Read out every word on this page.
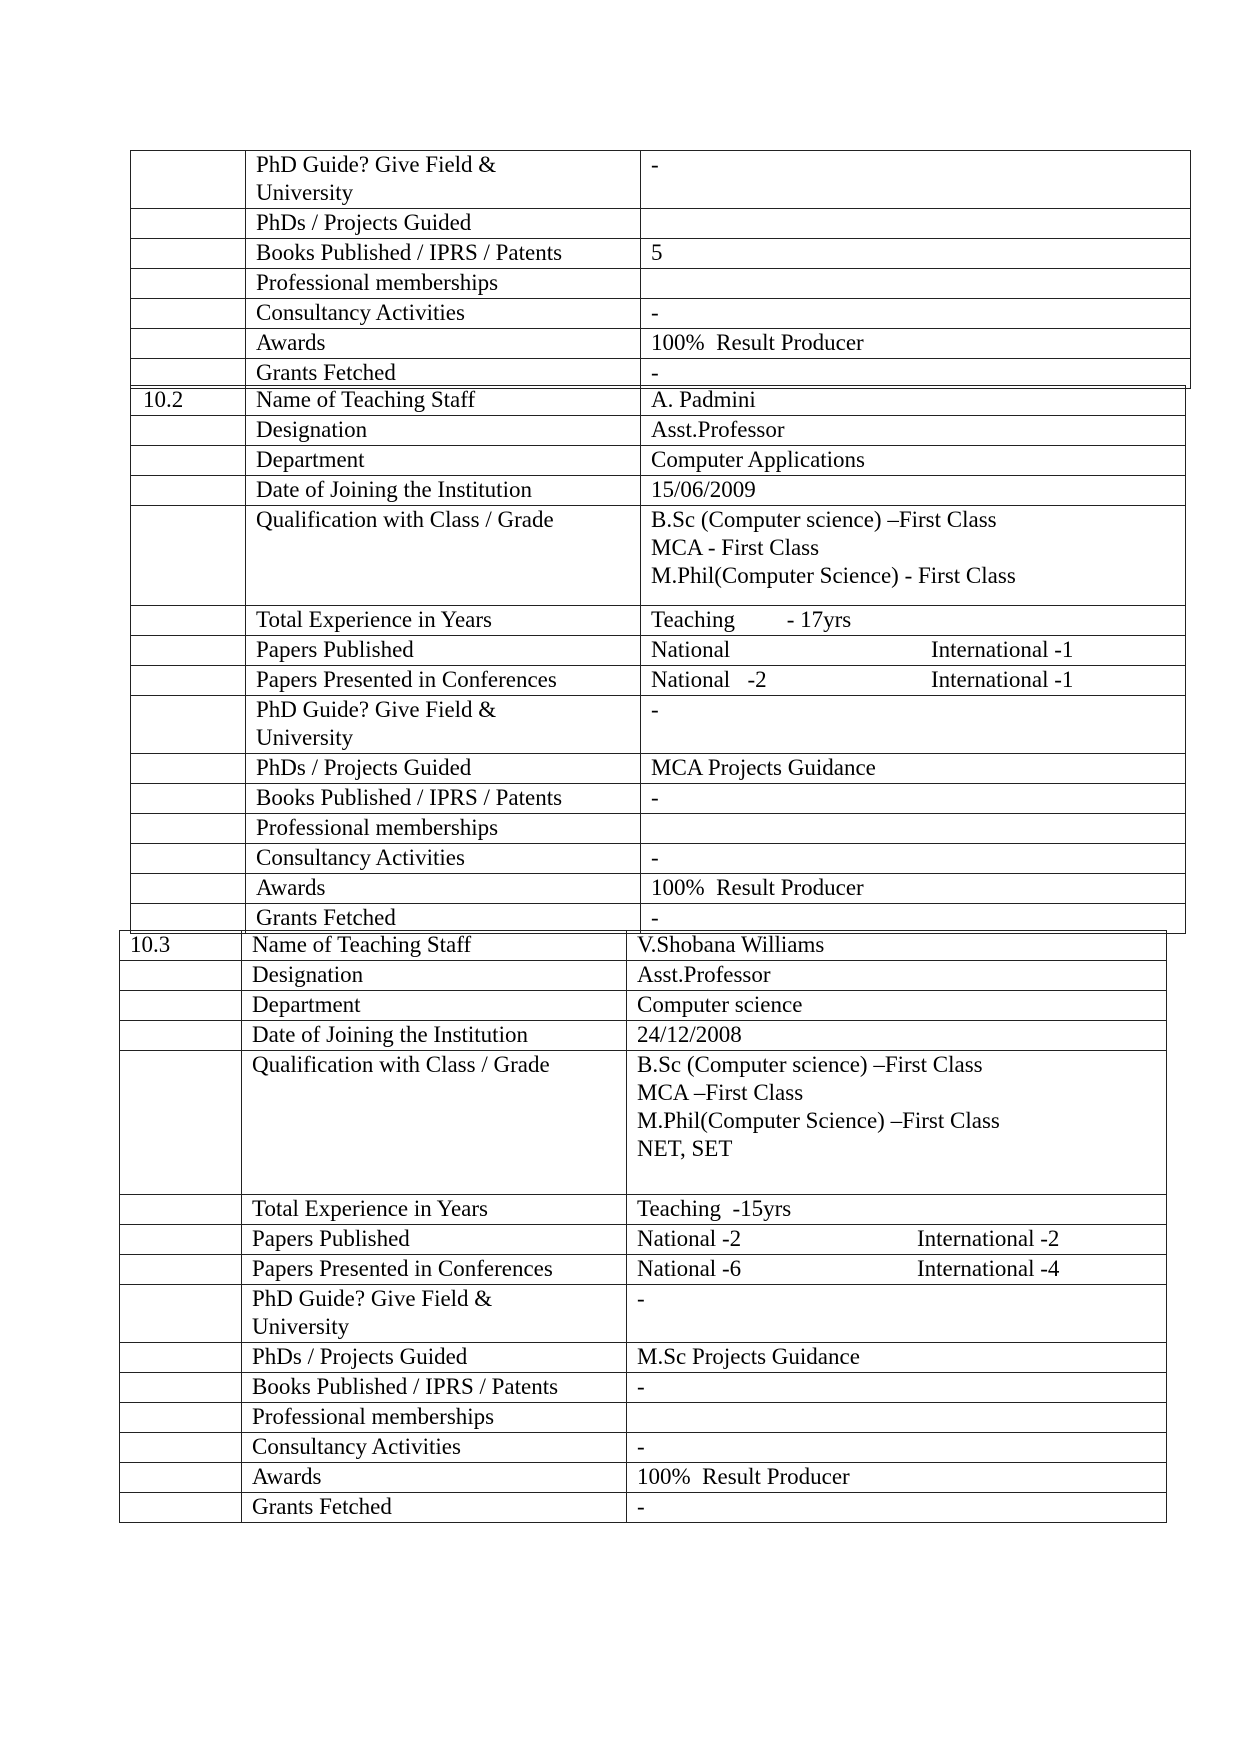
	PhD Guide? Give Field &
University	-

	PhDs / Projects Guided	

	Books Published / IPRS / Patents	5

	Professional memberships	

	Consultancy Activities	-

	Awards	100%  Result Producer

	Grants Fetched	-
10.2	Name of Teaching Staff	A. Padmini

	Designation	Asst.Professor

	Department	Computer Applications

	Date of Joining the Institution	15/06/2009

	Qualification with Class / Grade	B.Sc (Computer science) –First Class
MCA - First Class
M.Phil(Computer Science) - First Class

	Total Experience in Years	Teaching         - 17yrs

	Papers Published	National International -1

	Papers Presented in Conferences	National   -2 International -1

	PhD Guide? Give Field &
University	-

	PhDs / Projects Guided	MCA Projects Guidance

	Books Published / IPRS / Patents	-

	Professional memberships	

	Consultancy Activities	-

	Awards	100%  Result Producer

	Grants Fetched	-
10.3	Name of Teaching Staff	V.Shobana Williams

	Designation	Asst.Professor

	Department	Computer science

	Date of Joining the Institution	24/12/2008

	Qualification with Class / Grade	B.Sc (Computer science) –First Class
MCA –First Class
M.Phil(Computer Science) –First Class
NET, SET

	Total Experience in Years	Teaching  -15yrs

	Papers Published	National -2 International -2

	Papers Presented in Conferences	National -6 International -4

	PhD Guide? Give Field &
University	-

	PhDs / Projects Guided	M.Sc Projects Guidance

	Books Published / IPRS / Patents	-

	Professional memberships	

	Consultancy Activities	-

	Awards	100%  Result Producer

	Grants Fetched	-
